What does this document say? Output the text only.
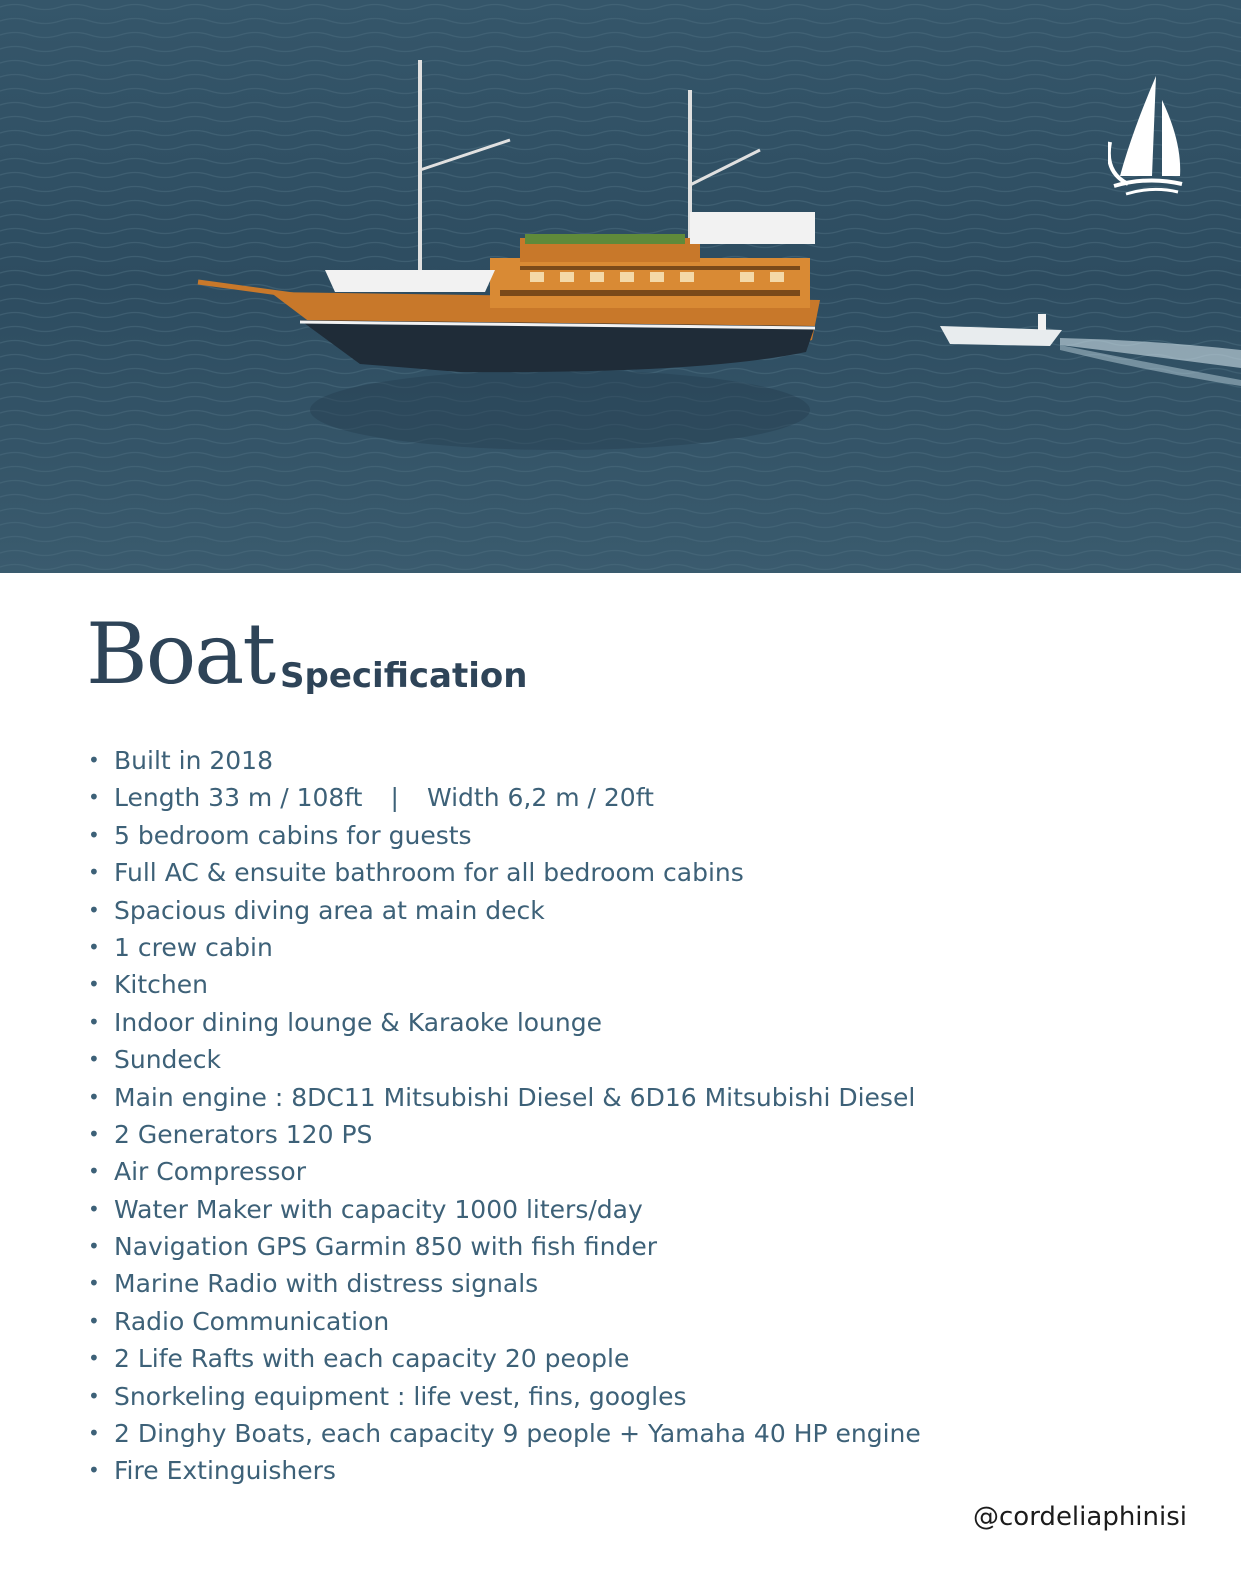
Boat Specification
• Built in 2018
• Length 33 m / 108ft | Width 6,2 m / 20ft
• 5 bedroom cabins for guests
• Full AC & ensuite bathroom for all bedroom cabins
• Spacious diving area at main deck
• 1 crew cabin
• Kitchen
• Indoor dining lounge & Karaoke lounge
• Sundeck
• Main engine : 8DC11 Mitsubishi Diesel & 6D16 Mitsubishi Diesel
• 2 Generators 120 PS
• Air Compressor
• Water Maker with capacity 1000 liters/day
• Navigation GPS Garmin 850 with fish finder
• Marine Radio with distress signals
• Radio Communication
• 2 Life Rafts with each capacity 20 people
• Snorkeling equipment : life vest, fins, googles
• 2 Dinghy Boats, each capacity 9 people + Yamaha 40 HP engine
• Fire Extinguishers
@cordeliaphinisi
